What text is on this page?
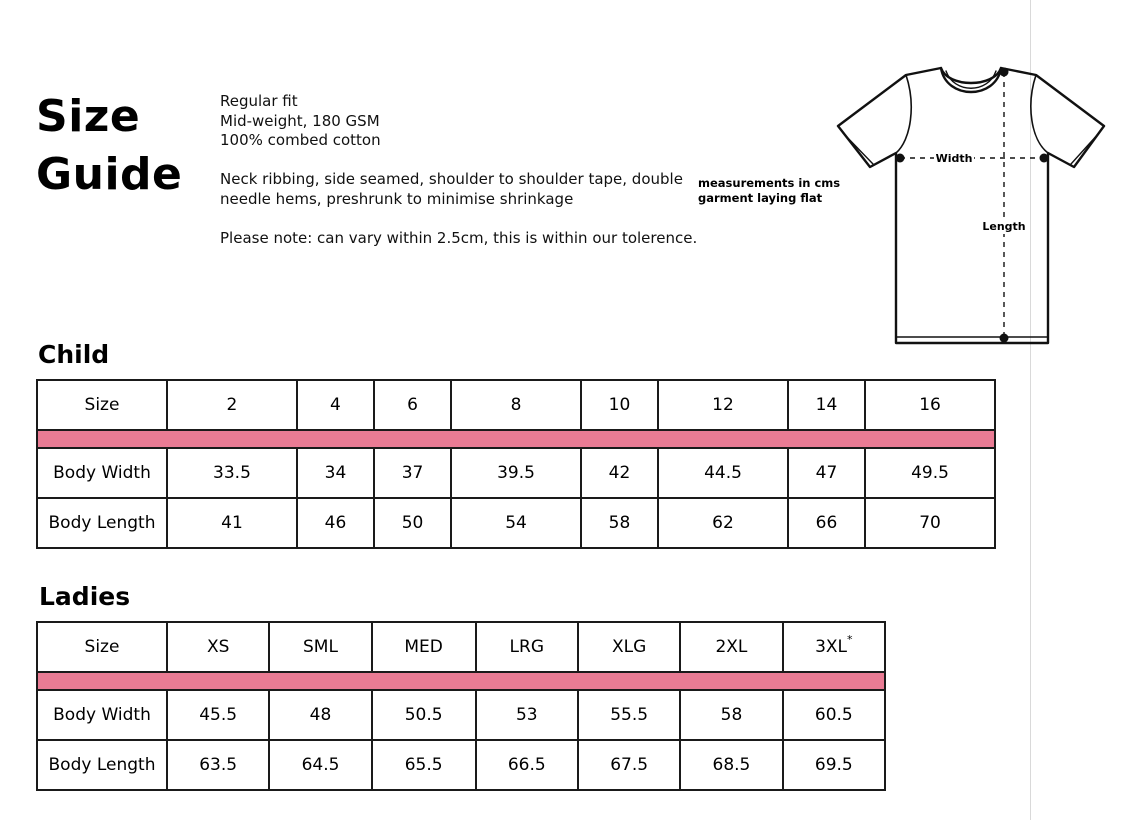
Size
Guide

Regular fit
Mid-weight, 180 GSM
100% combed cotton

Neck ribbing, side seamed, shoulder to shoulder tape, double needle hems, preshrunk to minimise shrinkage

Please note: can vary within 2.5cm, this is within our tolerence.

measurements in cms
garment laying flat
Width
Length
Child
Size	2	4	6	8	10	12	14	16

Body Width	33.5	34	37	39.5	42	44.5	47	49.5
Body Length	41	46	50	54	58	62	66	70
Ladies
Size	XS	SML	MED	LRG	XLG	2XL	3XL*

Body Width	45.5	48	50.5	53	55.5	58	60.5
Body Length	63.5	64.5	65.5	66.5	67.5	68.5	69.5
